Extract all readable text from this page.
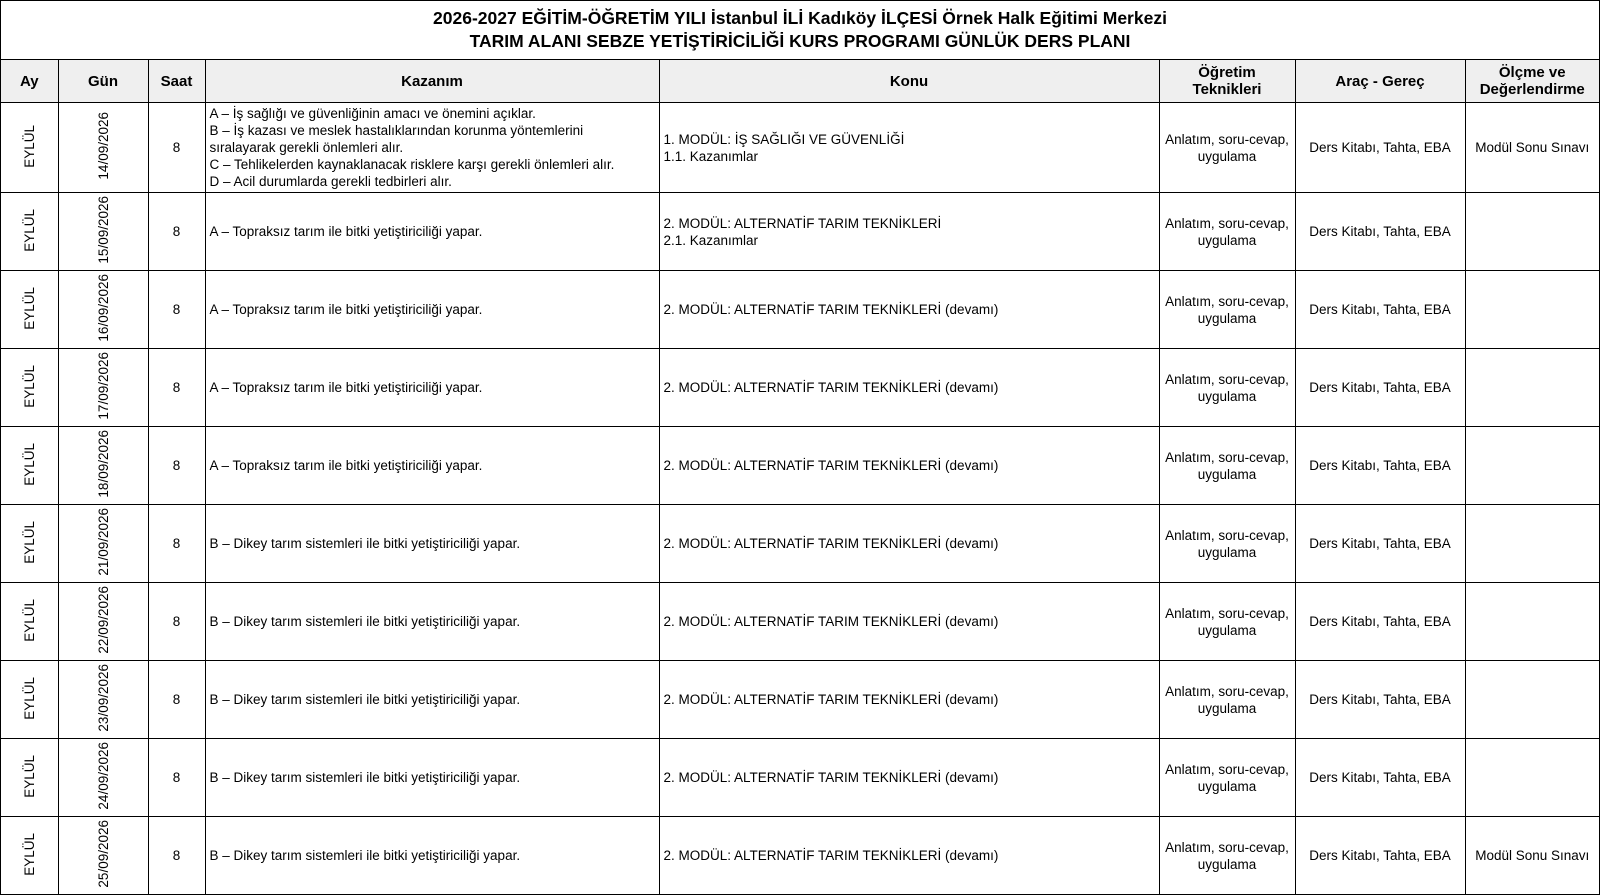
2026-2027 EĞİTİM-ÖĞRETİM YILI İstanbul İLİ Kadıköy İLÇESİ Örnek Halk Eğitimi Merkezi
TARIM ALANI SEBZE YETİŞTİRİCİLİĞİ KURS PROGRAMI GÜNLÜK DERS PLANI
Ay	Gün	Saat	Kazanım	Konu	Öğretim
Teknikleri	Araç - Gereç	Ölçme ve
Değerlendirme

EYLÜL	14/09/2026	8	A – İş sağlığı ve güvenliğinin amacı ve önemini açıklar.
B – İş kazası ve meslek hastalıklarından korunma yöntemlerini
sıralayarak gerekli önlemleri alır.
C – Tehlikelerden kaynaklanacak risklere karşı gerekli önlemleri alır.
D – Acil durumlarda gerekli tedbirleri alır.	1. MODÜL: İŞ SAĞLIĞI VE GÜVENLİĞİ
1.1. Kazanımlar	Anlatım, soru-cevap,
uygulama	Ders Kitabı, Tahta, EBA	Modül Sonu Sınavı
EYLÜL	15/09/2026	8	A – Topraksız tarım ile bitki yetiştiriciliği yapar.	2. MODÜL: ALTERNATİF TARIM TEKNİKLERİ
2.1. Kazanımlar	Anlatım, soru-cevap,
uygulama	Ders Kitabı, Tahta, EBA	
EYLÜL	16/09/2026	8	A – Topraksız tarım ile bitki yetiştiriciliği yapar.	2. MODÜL: ALTERNATİF TARIM TEKNİKLERİ (devamı)	Anlatım, soru-cevap,
uygulama	Ders Kitabı, Tahta, EBA	
EYLÜL	17/09/2026	8	A – Topraksız tarım ile bitki yetiştiriciliği yapar.	2. MODÜL: ALTERNATİF TARIM TEKNİKLERİ (devamı)	Anlatım, soru-cevap,
uygulama	Ders Kitabı, Tahta, EBA	
EYLÜL	18/09/2026	8	A – Topraksız tarım ile bitki yetiştiriciliği yapar.	2. MODÜL: ALTERNATİF TARIM TEKNİKLERİ (devamı)	Anlatım, soru-cevap,
uygulama	Ders Kitabı, Tahta, EBA	
EYLÜL	21/09/2026	8	B – Dikey tarım sistemleri ile bitki yetiştiriciliği yapar.	2. MODÜL: ALTERNATİF TARIM TEKNİKLERİ (devamı)	Anlatım, soru-cevap,
uygulama	Ders Kitabı, Tahta, EBA	
EYLÜL	22/09/2026	8	B – Dikey tarım sistemleri ile bitki yetiştiriciliği yapar.	2. MODÜL: ALTERNATİF TARIM TEKNİKLERİ (devamı)	Anlatım, soru-cevap,
uygulama	Ders Kitabı, Tahta, EBA	
EYLÜL	23/09/2026	8	B – Dikey tarım sistemleri ile bitki yetiştiriciliği yapar.	2. MODÜL: ALTERNATİF TARIM TEKNİKLERİ (devamı)	Anlatım, soru-cevap,
uygulama	Ders Kitabı, Tahta, EBA	
EYLÜL	24/09/2026	8	B – Dikey tarım sistemleri ile bitki yetiştiriciliği yapar.	2. MODÜL: ALTERNATİF TARIM TEKNİKLERİ (devamı)	Anlatım, soru-cevap,
uygulama	Ders Kitabı, Tahta, EBA	
EYLÜL	25/09/2026	8	B – Dikey tarım sistemleri ile bitki yetiştiriciliği yapar.	2. MODÜL: ALTERNATİF TARIM TEKNİKLERİ (devamı)	Anlatım, soru-cevap,
uygulama	Ders Kitabı, Tahta, EBA	Modül Sonu Sınavı
